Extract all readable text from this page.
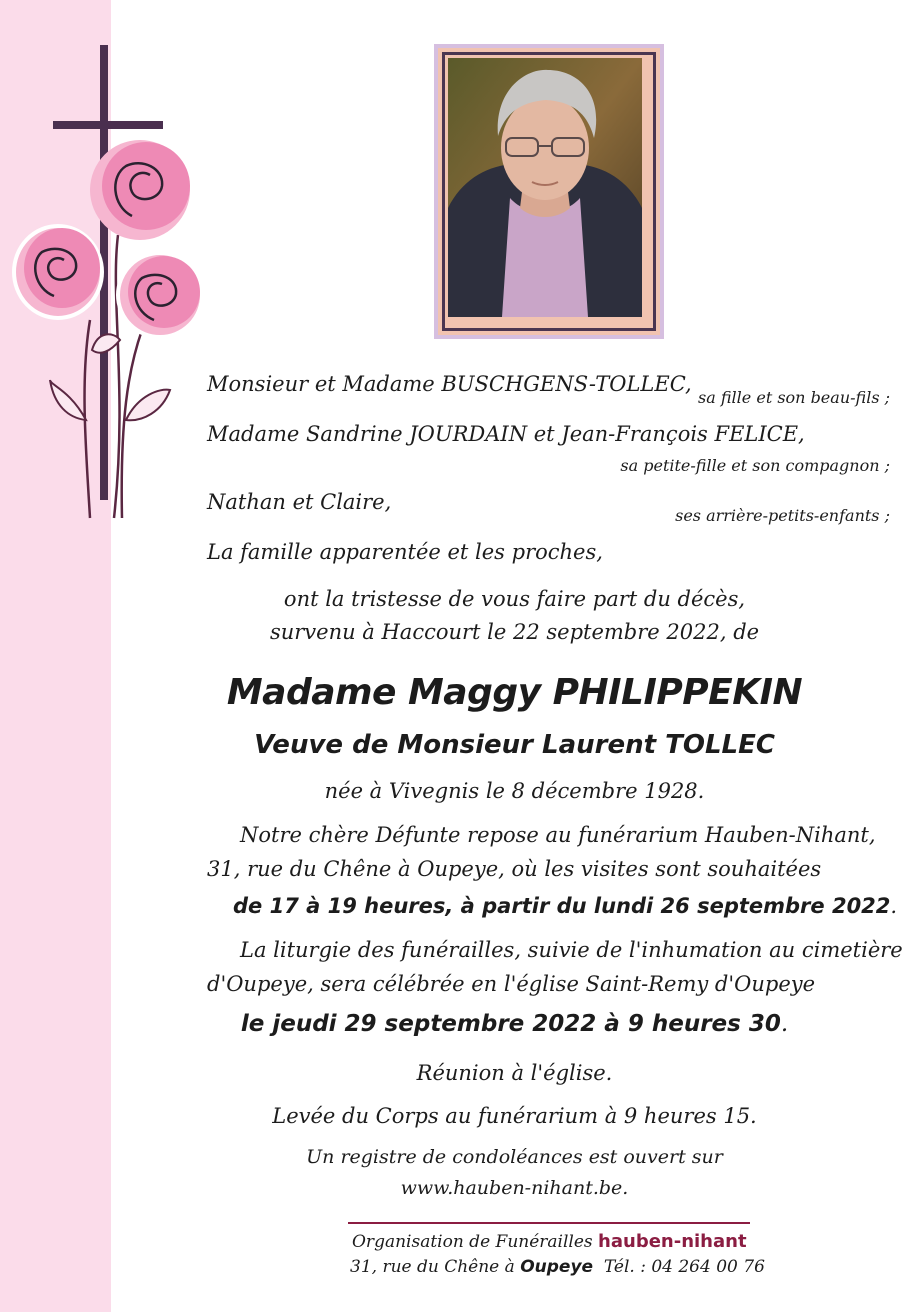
Monsieur et Madame BUSCHGENS-TOLLEC,
sa fille et son beau-fils ;
Madame Sandrine JOURDAIN et Jean-François FELICE,
sa petite-fille et son compagnon ;
Nathan et Claire,
ses arrière-petits-enfants ;
La famille apparentée et les proches,
ont la tristesse de vous faire part du décès,
survenu à Haccourt le 22 septembre 2022, de
Madame Maggy PHILIPPEKIN
Veuve de Monsieur Laurent TOLLEC
née à Vivegnis le 8 décembre 1928.
Notre chère Défunte repose au funérarium Hauben-Nihant,
31, rue du Chêne à Oupeye, où les visites sont souhaitées
de 17 à 19 heures, à partir du lundi 26 septembre 2022.
La liturgie des funérailles, suivie de l'inhumation au cimetière
d'Oupeye, sera célébrée en l'église Saint-Remy d'Oupeye
le jeudi 29 septembre 2022 à 9 heures 30.
Réunion à l'église.
Levée du Corps au funérarium à 9 heures 15.
Un registre de condoléances est ouvert sur
www.hauben-nihant.be.
Organisation de Funérailles hauben-nihant
31, rue du Chêne à Oupeye Tél. : 04 264 00 76
